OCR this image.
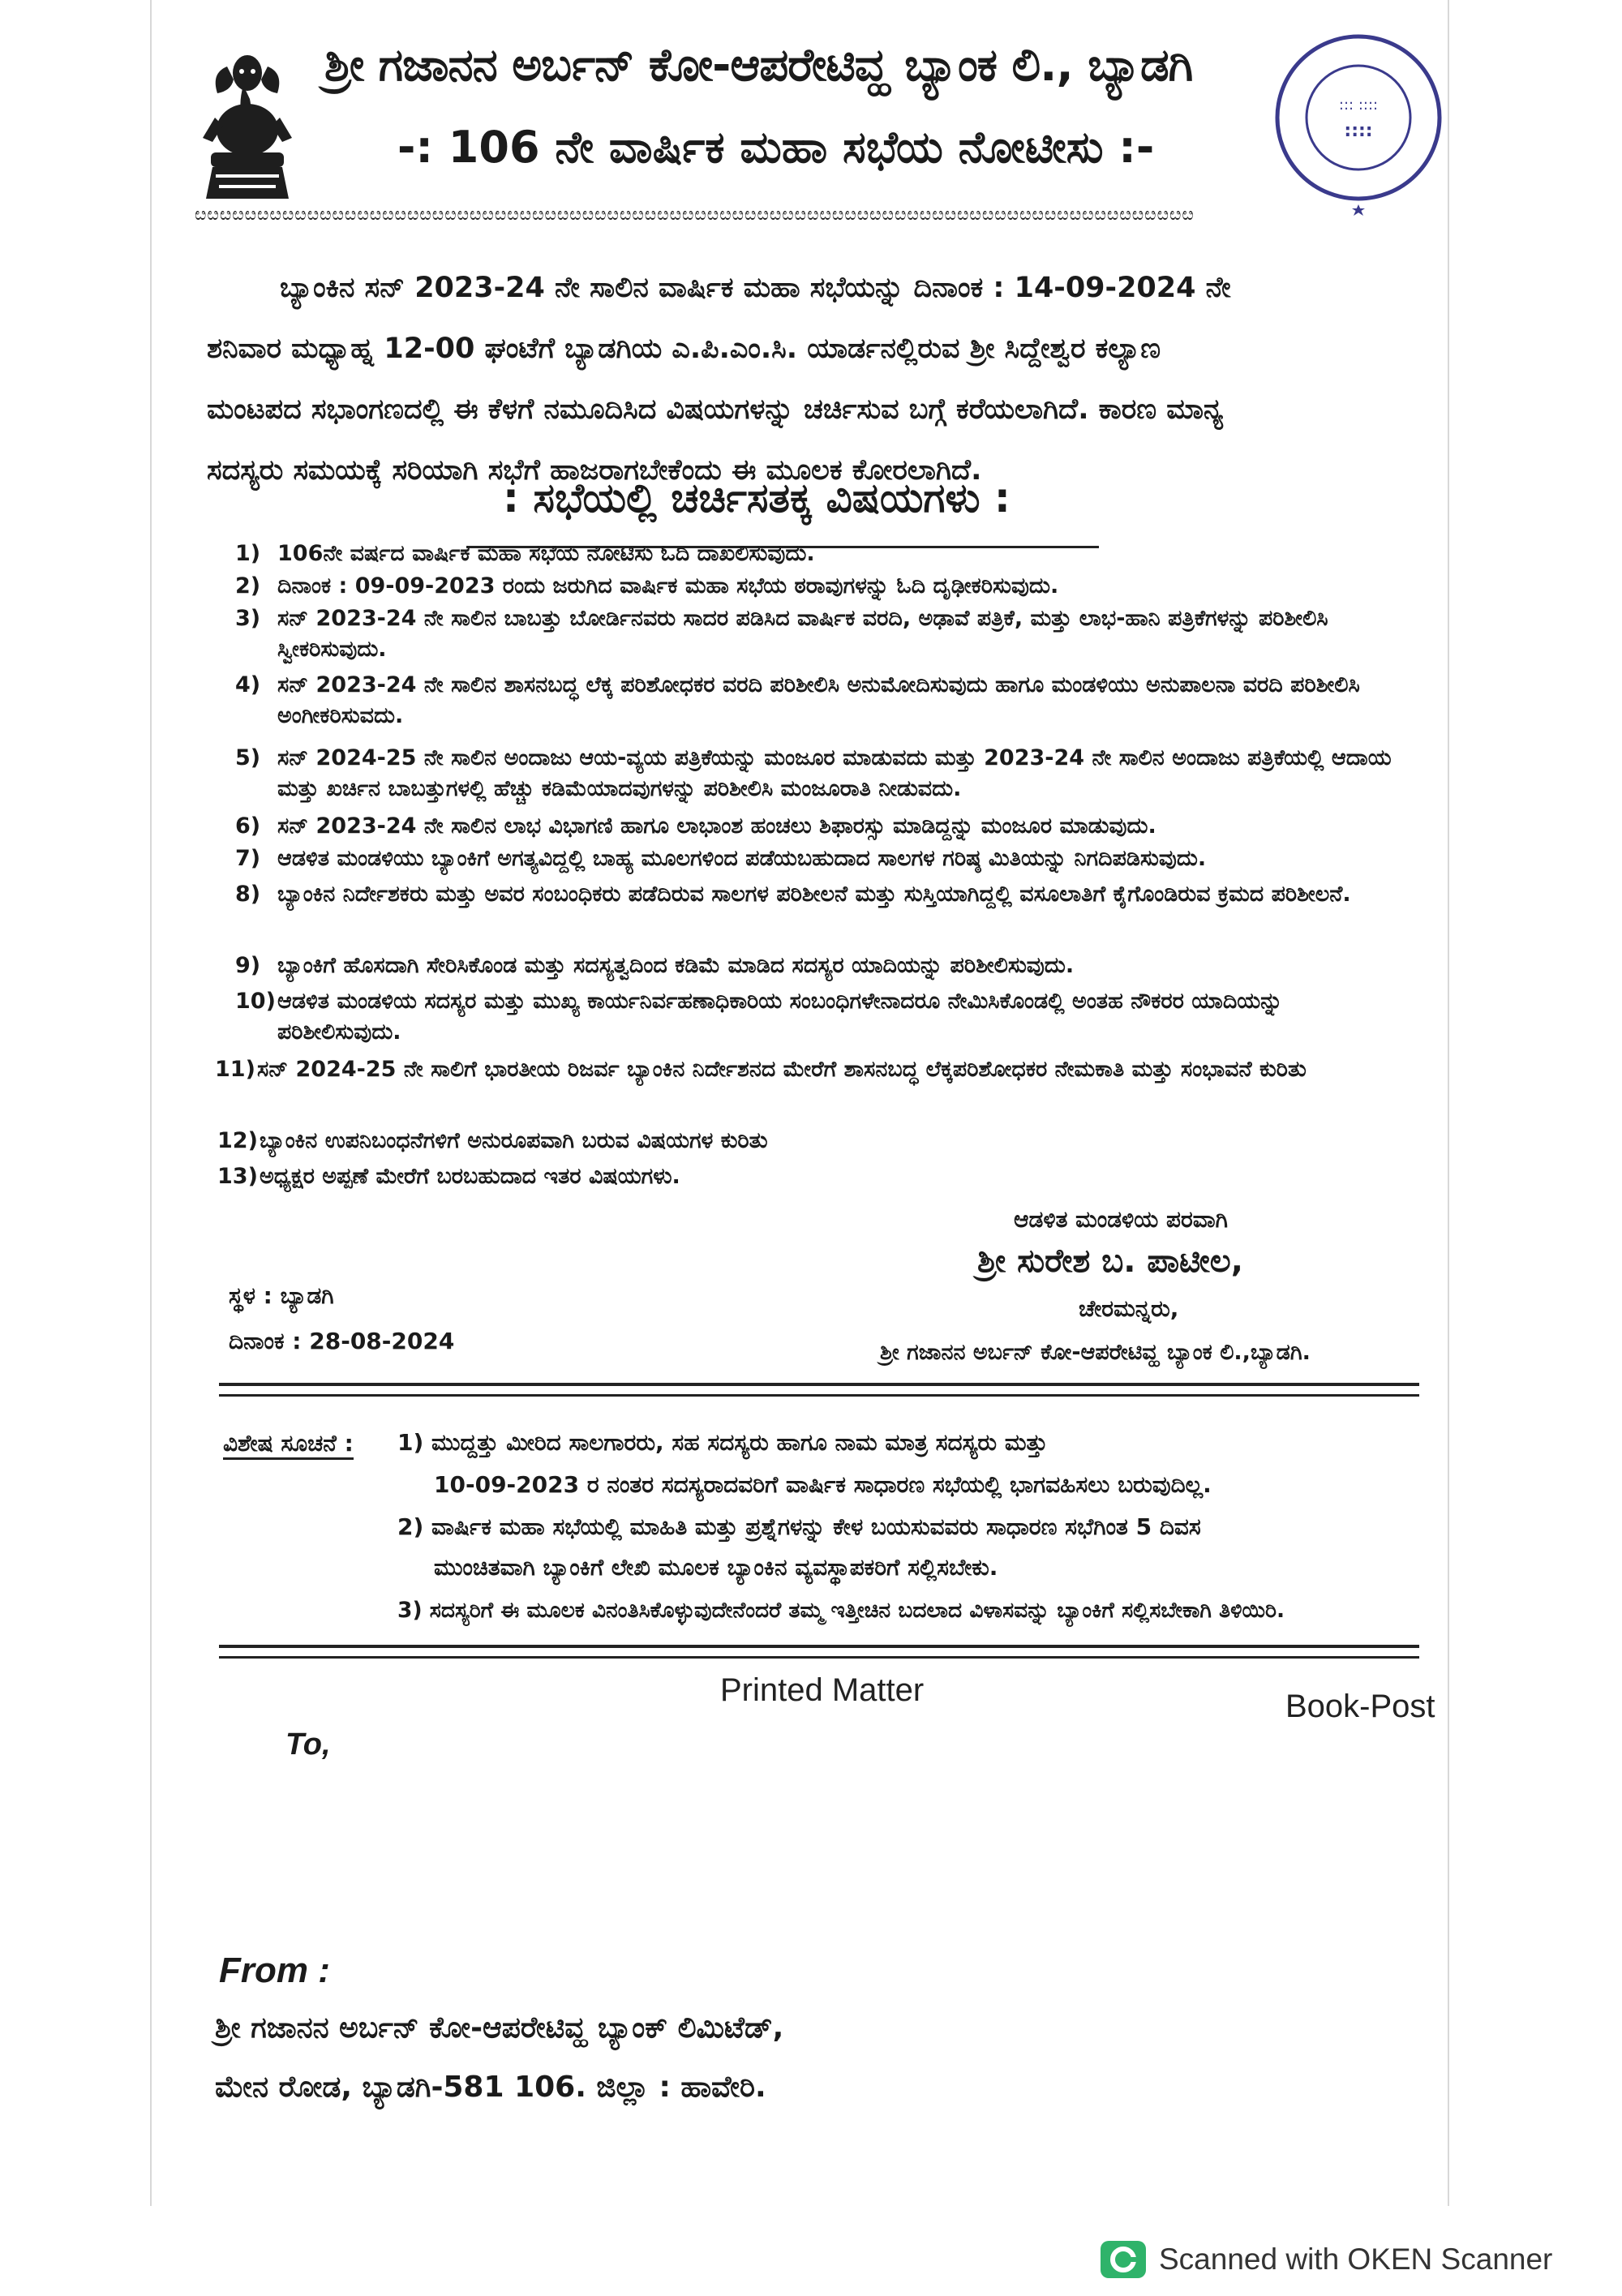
ಶ್ರೀ ಗಜಾನನ ಅರ್ಬನ್ ಕೋ-ಆಪರೇಟಿವ್ಹ ಬ್ಯಾಂಕ ಲಿ., ಬ್ಯಾಡಗಿ
-: 106 ನೇ ವಾರ್ಷಿಕ ಮಹಾ ಸಭೆಯ ನೋಟೀಸು :-
::: ::::
::::
ೞೞೞೞೞೞೞೞೞೞೞೞೞೞೞೞೞೞೞೞೞೞೞೞೞೞೞೞೞೞೞೞೞೞೞೞೞೞೞೞೞೞೞೞೞೞೞೞೞೞೞೞೞೞೞೞೞೞೞೞೞೞೞೞೞೞೞೞೞೞೞೞೞೞೞೞೞೞೞೞ

ಬ್ಯಾಂಕಿನ ಸನ್ 2023-24 ನೇ ಸಾಲಿನ ವಾರ್ಷಿಕ ಮಹಾ ಸಭೆಯನ್ನು ದಿನಾಂಕ : 14-09-2024 ನೇ

ಶನಿವಾರ ಮಧ್ಯಾಹ್ನ 12-00 ಘಂಟೆಗೆ ಬ್ಯಾಡಗಿಯ ಎ.ಪಿ.ಎಂ.ಸಿ. ಯಾರ್ಡನಲ್ಲಿರುವ ಶ್ರೀ ಸಿದ್ದೇಶ್ವರ ಕಲ್ಯಾಣ

ಮಂಟಪದ ಸಭಾಂಗಣದಲ್ಲಿ ಈ ಕೆಳಗೆ ನಮೂದಿಸಿದ ವಿಷಯಗಳನ್ನು ಚರ್ಚಿಸುವ ಬಗ್ಗೆ ಕರೆಯಲಾಗಿದೆ. ಕಾರಣ ಮಾನ್ಯ

ಸದಸ್ಯರು ಸಮಯಕ್ಕೆ ಸರಿಯಾಗಿ ಸಭೆಗೆ ಹಾಜರಾಗಬೇಕೆಂದು ಈ ಮೂಲಕ ಕೋರಲಾಗಿದೆ.

: ಸಭೆಯಲ್ಲಿ ಚರ್ಚಿಸತಕ್ಕ ವಿಷಯಗಳು :
1) 106ನೇ ವರ್ಷದ ವಾರ್ಷಿಕ ಮಹಾ ಸಭೆಯ ನೋಟಿಸು ಓದಿ ದಾಖಲಿಸುವುದು.
2) ದಿನಾಂಕ : 09-09-2023 ರಂದು ಜರುಗಿದ ವಾರ್ಷಿಕ ಮಹಾ ಸಭೆಯ ಠರಾವುಗಳನ್ನು ಓದಿ ದೃಢೀಕರಿಸುವುದು.
3) ಸನ್ 2023-24 ನೇ ಸಾಲಿನ ಬಾಬತ್ತು ಬೋರ್ಡಿನವರು ಸಾದರ ಪಡಿಸಿದ ವಾರ್ಷಿಕ ವರದಿ, ಅಢಾವೆ ಪತ್ರಿಕೆ, ಮತ್ತು ಲಾಭ-ಹಾನಿ ಪತ್ರಿಕೆಗಳನ್ನು ಪರಿಶೀಲಿಸಿ ಸ್ವೀಕರಿಸುವುದು.
4) ಸನ್ 2023-24 ನೇ ಸಾಲಿನ ಶಾಸನಬದ್ಧ ಲೆಕ್ಕ ಪರಿಶೋಧಕರ ವರದಿ ಪರಿಶೀಲಿಸಿ ಅನುಮೋದಿಸುವುದು ಹಾಗೂ ಮಂಡಳಿಯು ಅನುಪಾಲನಾ ವರದಿ ಪರಿಶೀಲಿಸಿ ಅಂಗೀಕರಿಸುವದು.
5) ಸನ್ 2024-25 ನೇ ಸಾಲಿನ ಅಂದಾಜು ಆಯ-ವ್ಯಯ ಪತ್ರಿಕೆಯನ್ನು ಮಂಜೂರ ಮಾಡುವದು ಮತ್ತು 2023-24 ನೇ ಸಾಲಿನ ಅಂದಾಜು ಪತ್ರಿಕೆಯಲ್ಲಿ ಆದಾಯ ಮತ್ತು ಖರ್ಚಿನ ಬಾಬತ್ತುಗಳಲ್ಲಿ ಹೆಚ್ಚು ಕಡಿಮೆಯಾದವುಗಳನ್ನು ಪರಿಶೀಲಿಸಿ ಮಂಜೂರಾತಿ ನೀಡುವದು.
6) ಸನ್ 2023-24 ನೇ ಸಾಲಿನ ಲಾಭ ವಿಭಾಗಣಿ ಹಾಗೂ ಲಾಭಾಂಶ ಹಂಚಲು ಶಿಫಾರಸ್ಸು ಮಾಡಿದ್ದನ್ನು ಮಂಜೂರ ಮಾಡುವುದು.
7) ಆಡಳಿತ ಮಂಡಳಿಯು ಬ್ಯಾಂಕಿಗೆ ಅಗತ್ಯವಿದ್ದಲ್ಲಿ ಬಾಹ್ಯ ಮೂಲಗಳಿಂದ ಪಡೆಯಬಹುದಾದ ಸಾಲಗಳ ಗರಿಷ್ಠ ಮಿತಿಯನ್ನು ನಿಗದಿಪಡಿಸುವುದು.
8) ಬ್ಯಾಂಕಿನ ನಿರ್ದೇಶಕರು ಮತ್ತು ಅವರ ಸಂಬಂಧಿಕರು ಪಡೆದಿರುವ ಸಾಲಗಳ ಪರಿಶೀಲನೆ ಮತ್ತು ಸುಸ್ತಿಯಾಗಿದ್ದಲ್ಲಿ ವಸೂಲಾತಿಗೆ ಕೈಗೊಂಡಿರುವ ಕ್ರಮದ ಪರಿಶೀಲನೆ.
9) ಬ್ಯಾಂಕಿಗೆ ಹೊಸದಾಗಿ ಸೇರಿಸಿಕೊಂಡ ಮತ್ತು ಸದಸ್ಯತ್ವದಿಂದ ಕಡಿಮೆ ಮಾಡಿದ ಸದಸ್ಯರ ಯಾದಿಯನ್ನು ಪರಿಶೀಲಿಸುವುದು.
10) ಆಡಳಿತ ಮಂಡಳಿಯ ಸದಸ್ಯರ ಮತ್ತು ಮುಖ್ಯ ಕಾರ್ಯನಿರ್ವಹಣಾಧಿಕಾರಿಯ ಸಂಬಂಧಿಗಳೇನಾದರೂ ನೇಮಿಸಿಕೊಂಡಲ್ಲಿ ಅಂತಹ ನೌಕರರ ಯಾದಿಯನ್ನು ಪರಿಶೀಲಿಸುವುದು.
11) ಸನ್ 2024-25 ನೇ ಸಾಲಿಗೆ ಭಾರತೀಯ ರಿಜರ್ವ ಬ್ಯಾಂಕಿನ ನಿರ್ದೇಶನದ ಮೇರೆಗೆ ಶಾಸನಬದ್ಧ ಲೆಕ್ಕಪರಿಶೋಧಕರ ನೇಮಕಾತಿ ಮತ್ತು ಸಂಭಾವನೆ ಕುರಿತು
12) ಬ್ಯಾಂಕಿನ ಉಪನಿಬಂಧನೆಗಳಿಗೆ ಅನುರೂಪವಾಗಿ ಬರುವ ವಿಷಯಗಳ ಕುರಿತು
13) ಅಧ್ಯಕ್ಷರ ಅಪ್ಪಣೆ ಮೇರೆಗೆ ಬರಬಹುದಾದ ಇತರ ವಿಷಯಗಳು.
ಆಡಳಿತ ಮಂಡಳಿಯ ಪರವಾಗಿ
ಶ್ರೀ ಸುರೇಶ ಬ. ಪಾಟೀಲ,
ಚೇರಮನ್ನರು,
ಶ್ರೀ ಗಜಾನನ ಅರ್ಬನ್ ಕೋ-ಆಪರೇಟಿವ್ಹ ಬ್ಯಾಂಕ ಲಿ.,ಬ್ಯಾಡಗಿ.
ಸ್ಥಳ : ಬ್ಯಾಡಗಿ
ದಿನಾಂಕ : 28-08-2024
ವಿಶೇಷ ಸೂಚನೆ : 1) ಮುದ್ದತ್ತು ಮೀರಿದ ಸಾಲಗಾರರು, ಸಹ ಸದಸ್ಯರು ಹಾಗೂ ನಾಮ ಮಾತ್ರ ಸದಸ್ಯರು ಮತ್ತು
10-09-2023 ರ ನಂತರ ಸದಸ್ಯರಾದವರಿಗೆ ವಾರ್ಷಿಕ ಸಾಧಾರಣ ಸಭೆಯಲ್ಲಿ ಭಾಗವಹಿಸಲು ಬರುವುದಿಲ್ಲ.
2) ವಾರ್ಷಿಕ ಮಹಾ ಸಭೆಯಲ್ಲಿ ಮಾಹಿತಿ ಮತ್ತು ಪ್ರಶ್ನೆಗಳನ್ನು ಕೇಳ ಬಯಸುವವರು ಸಾಧಾರಣ ಸಭೆಗಿಂತ 5 ದಿವಸ
ಮುಂಚಿತವಾಗಿ ಬ್ಯಾಂಕಿಗೆ ಲೇಖಿ ಮೂಲಕ ಬ್ಯಾಂಕಿನ ವ್ಯವಸ್ಥಾಪಕರಿಗೆ ಸಲ್ಲಿಸಬೇಕು.
3) ಸದಸ್ಯರಿಗೆ ಈ ಮೂಲಕ ವಿನಂತಿಸಿಕೊಳ್ಳುವುದೇನೆಂದರೆ ತಮ್ಮ ಇತ್ತೀಚಿನ ಬದಲಾದ ವಿಳಾಸವನ್ನು ಬ್ಯಾಂಕಿಗೆ ಸಲ್ಲಿಸಬೇಕಾಗಿ ತಿಳಿಯಿರಿ.
Printed Matter	Book-Post
To,
From :
ಶ್ರೀ ಗಜಾನನ ಅರ್ಬನ್ ಕೋ-ಆಪರೇಟಿವ್ಹ ಬ್ಯಾಂಕ್ ಲಿಮಿಟೆಡ್,
ಮೇನ ರೋಡ, ಬ್ಯಾಡಗಿ-581 106. ಜಿಲ್ಲಾ : ಹಾವೇರಿ.
Scanned with OKEN Scanner
